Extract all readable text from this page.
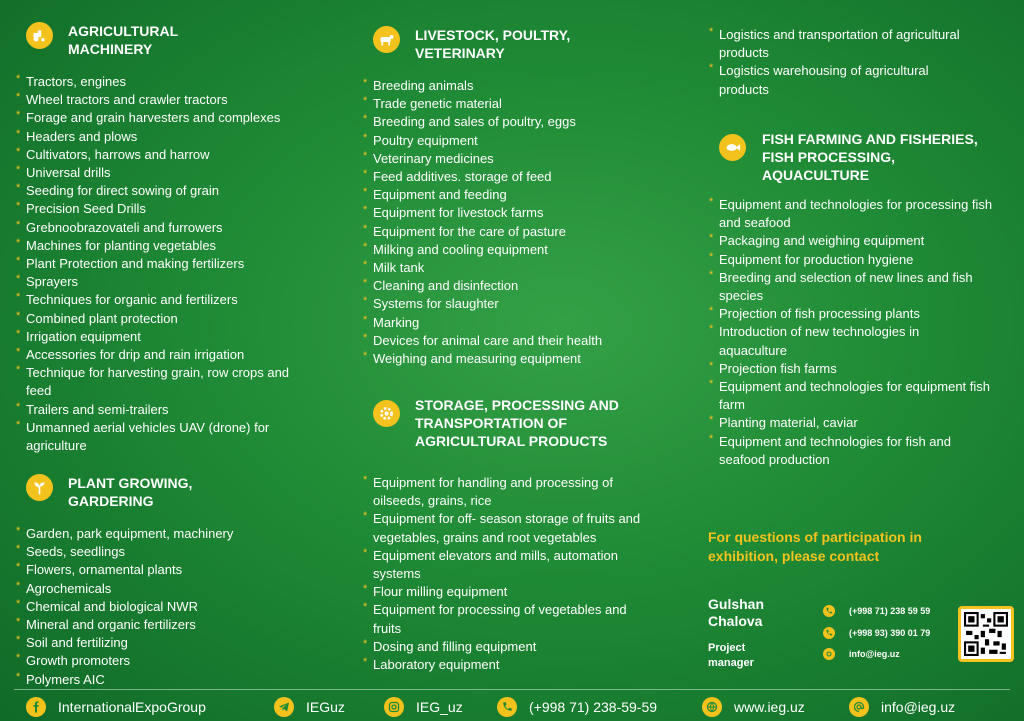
AGRICULTURAL
MACHINERY
* Tractors, engines
* Wheel tractors and crawler tractors
* Forage and grain harvesters and complexes
* Headers and plows
* Cultivators, harrows and harrow
* Universal drills
* Seeding for direct sowing of grain
* Precision Seed Drills
* Grebnoobrazovateli and furrowers
* Machines for planting vegetables
* Plant Protection and making fertilizers
* Sprayers
* Techniques for organic and fertilizers
* Combined plant protection
* Irrigation equipment
* Accessories for drip and rain irrigation
* Technique for harvesting grain, row crops and feed
* Trailers and semi-trailers
* Unmanned aerial vehicles UAV (drone) for agriculture
PLANT GROWING,
GARDERING
* Garden, park equipment, machinery
* Seeds, seedlings
* Flowers, ornamental plants
* Agrochemicals
* Chemical and biological NWR
* Mineral and organic fertilizers
* Soil and fertilizing
* Growth promoters
* Polymers AIC
LIVESTOCK, POULTRY,
VETERINARY
* Breeding animals
* Trade genetic material
* Breeding and sales of poultry, eggs
* Poultry equipment
* Veterinary medicines
* Feed additives. storage of feed
* Equipment and feeding
* Equipment for livestock farms
* Equipment for the care of pasture
* Milking and cooling equipment
* Milk tank
* Cleaning and disinfection
* Systems for slaughter
* Marking
* Devices for animal care and their health
* Weighing and measuring equipment
STORAGE, PROCESSING AND
TRANSPORTATION OF
AGRICULTURAL PRODUCTS
* Equipment for handling and processing of oilseeds, grains, rice
* Equipment for off- season storage of fruits and vegetables, grains and root vegetables
* Equipment elevators and mills, automation systems
* Flour milling equipment
* Equipment for processing of vegetables and fruits
* Dosing and filling equipment
* Laboratory equipment
* Logistics and transportation of agricultural products
* Logistics warehousing of agricultural products
FISH FARMING AND FISHERIES,
FISH PROCESSING,
AQUACULTURE
* Equipment and technologies for processing fish and seafood
* Packaging and weighing equipment
* Equipment for production hygiene
* Breeding and selection of new lines and fish species
* Projection of fish processing plants
* Introduction of new technologies in aquaculture
* Projection fish farms
* Equipment and technologies for equipment fish farm
* Planting material, caviar
* Equipment and technologies for fish and seafood production
For questions of participation in exhibition, please contact
Gulshan Chalova
Project manager
(+998 71) 238 59 59
(+998 93) 390 01 79
info@ieg.uz
InternationalExpoGroup	IEGuz	IEG_uz	(+998 71) 238-59-59	www.ieg.uz	info@ieg.uz
